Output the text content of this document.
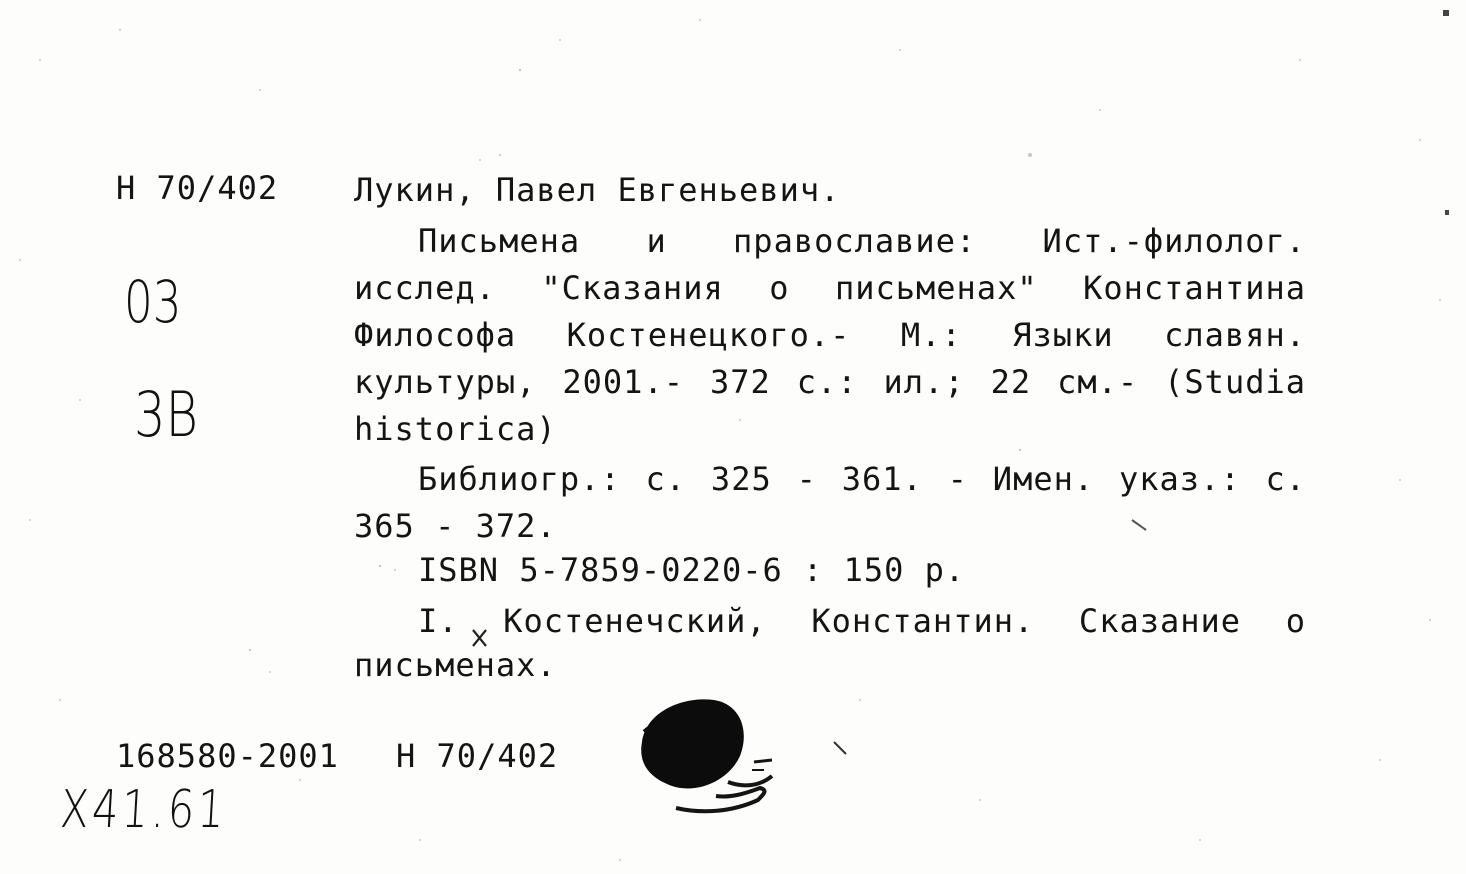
Н 70/402 Лукин, Павел Евгеньевич.
Письмена и православие: Ист.-филолог.
исслед. "Сказания о письменах" Константина
Философа Костенецкого.- М.: Языки славян.
культуры, 2001.- 372 с.: ил.; 22 см.- (Studia
historica)
Библиогр.: с. 325 - 361. - Имен. указ.: с.
365 - 372.
ISBN 5-7859-0220-6 : 150 р.
I. Костенечский, Константин. Сказание о
письменах.
168580-2001 Н 70/402
03
3В
Х41.61
